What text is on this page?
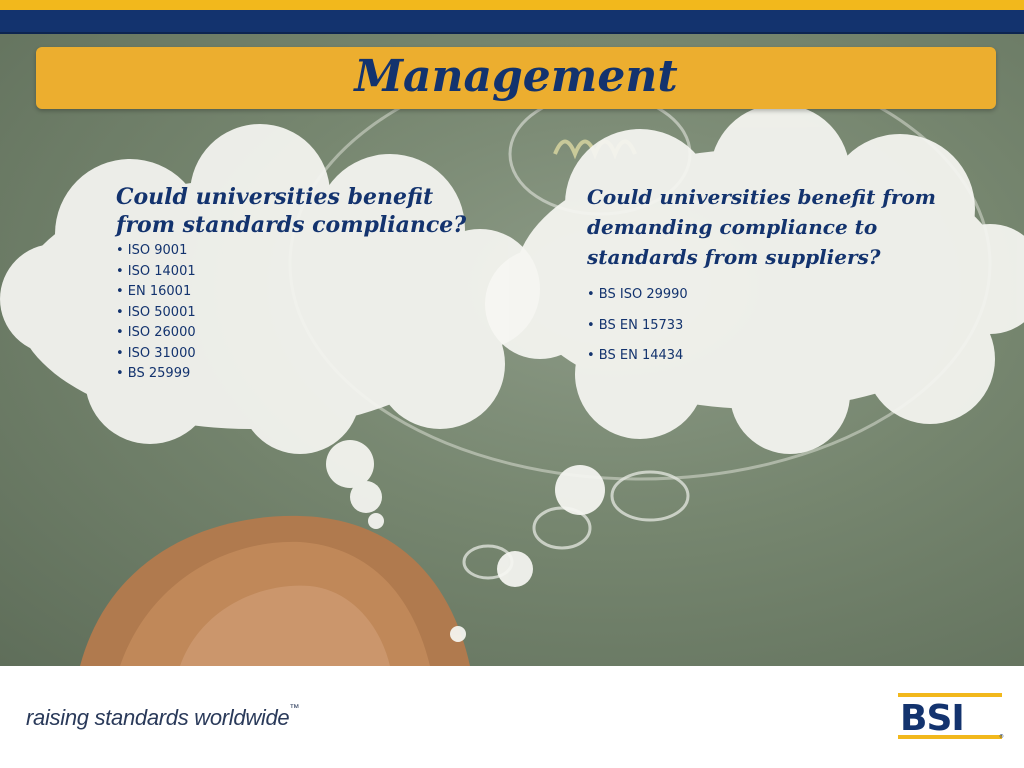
Management
Could universities benefit from standards compliance?
• ISO 9001
• ISO 14001
• EN 16001
• ISO 50001
• ISO 26000
• ISO 31000
• BS 25999
Could universities benefit from demanding compliance to standards from suppliers?
• BS ISO 29990
• BS EN 15733
• BS EN 14434
raising standards worldwide™	BSI	®
